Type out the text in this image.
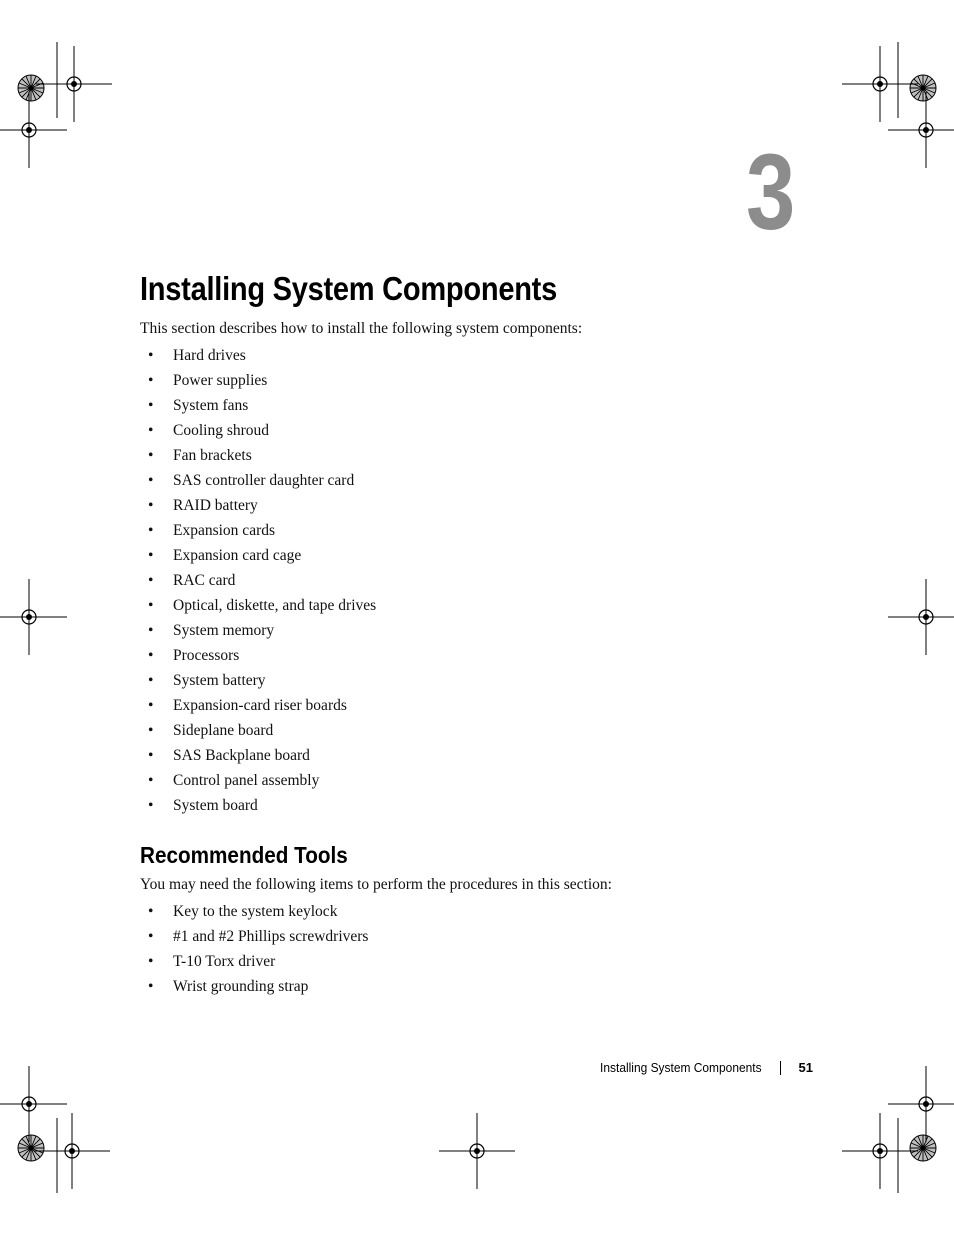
3
Installing System Components

This section describes how to install the following system components:

• Hard drives
• Power supplies
• System fans
• Cooling shroud
• Fan brackets
• SAS controller daughter card
• RAID battery
• Expansion cards
• Expansion card cage
• RAC card
• Optical, diskette, and tape drives
• System memory
• Processors
• System battery
• Expansion-card riser boards
• Sideplane board
• SAS Backplane board
• Control panel assembly
• System board
Recommended Tools

You may need the following items to perform the procedures in this section:

• Key to the system keylock
• #1 and #2 Phillips screwdrivers
• T-10 Torx driver
• Wrist grounding strap
Installing System Components	51
